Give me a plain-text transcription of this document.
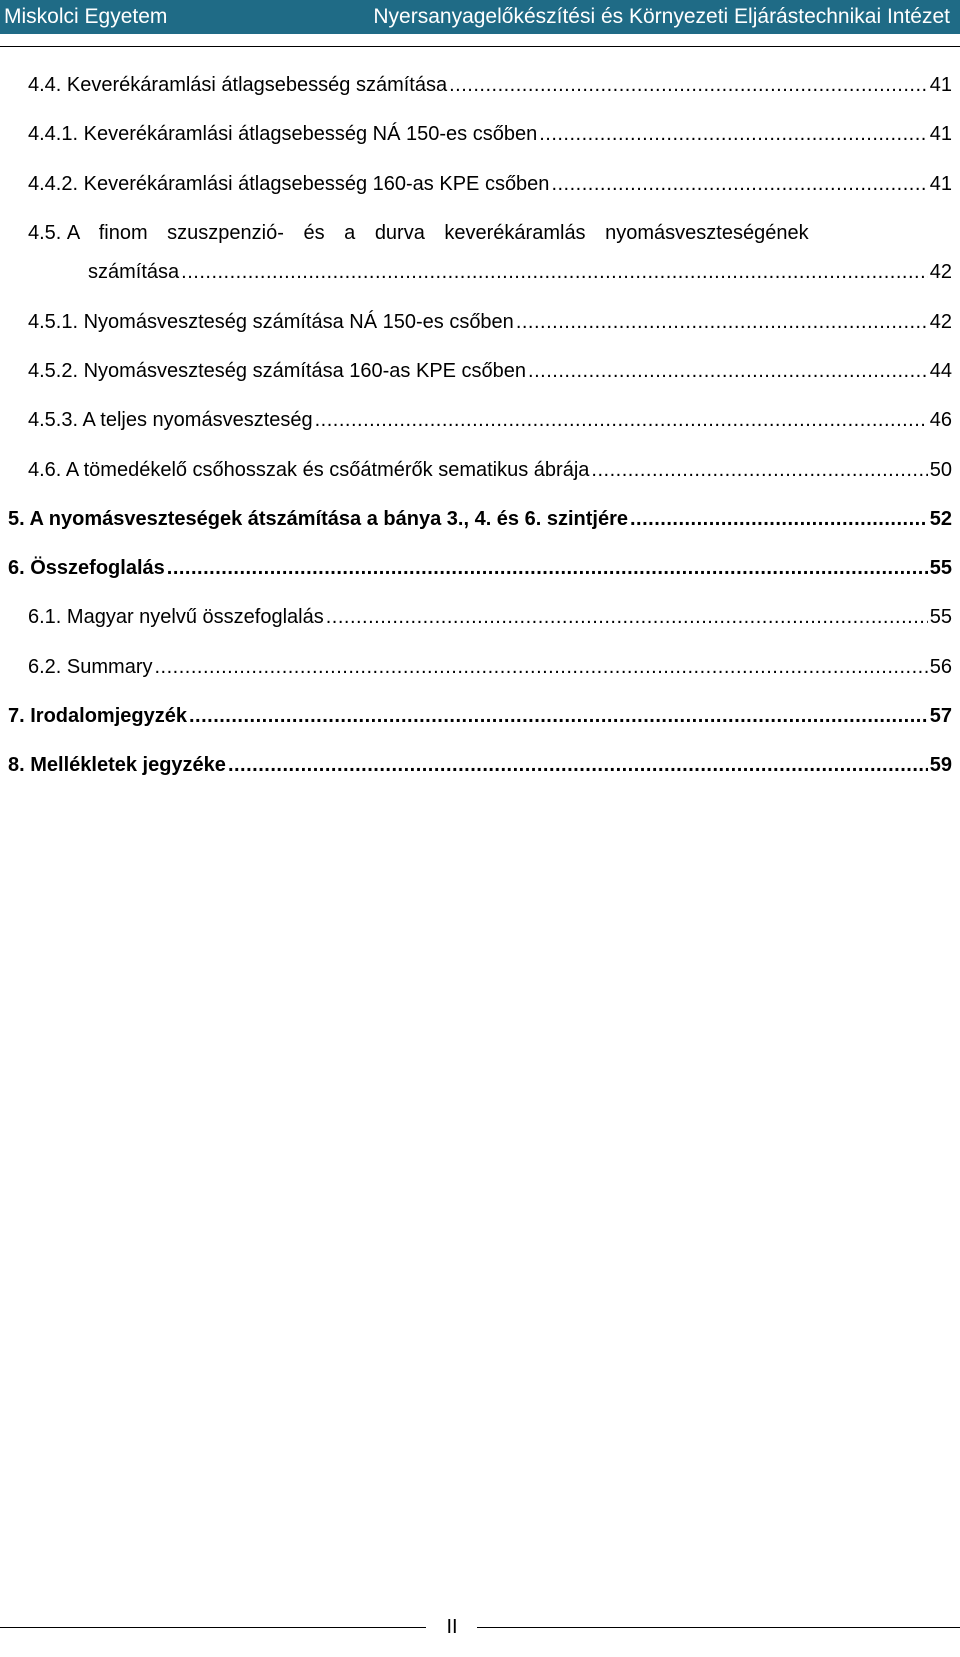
Miskolci Egyetem	Nyersanyagelőkészítési és Környezeti Eljárástechnikai Intézet
4.4. Keverékáramlási átlagsebesség számítása .....	41
4.4.1. Keverékáramlási átlagsebesség NÁ 150-es csőben .....	41
4.4.2. Keverékáramlási átlagsebesség 160-as KPE csőben .....	41
4.5. A finom szuszpenzió- és a durva keverékáramlás nyomásveszteségének
számítása .....	42
4.5.1. Nyomásveszteség számítása NÁ 150-es csőben .....	42
4.5.2. Nyomásveszteség számítása 160-as KPE csőben .....	44
4.5.3. A teljes nyomásveszteség .....	46
4.6. A tömedékelő csőhosszak és csőátmérők sematikus ábrája .....	50
5. A nyomásveszteségek átszámítása a bánya 3., 4. és 6. szintjére .....	52
6. Összefoglalás .....	55
6.1. Magyar nyelvű összefoglalás .....	55
6.2. Summary .....	56
7. Irodalomjegyzék .....	57
8. Mellékletek jegyzéke .....	59
II
